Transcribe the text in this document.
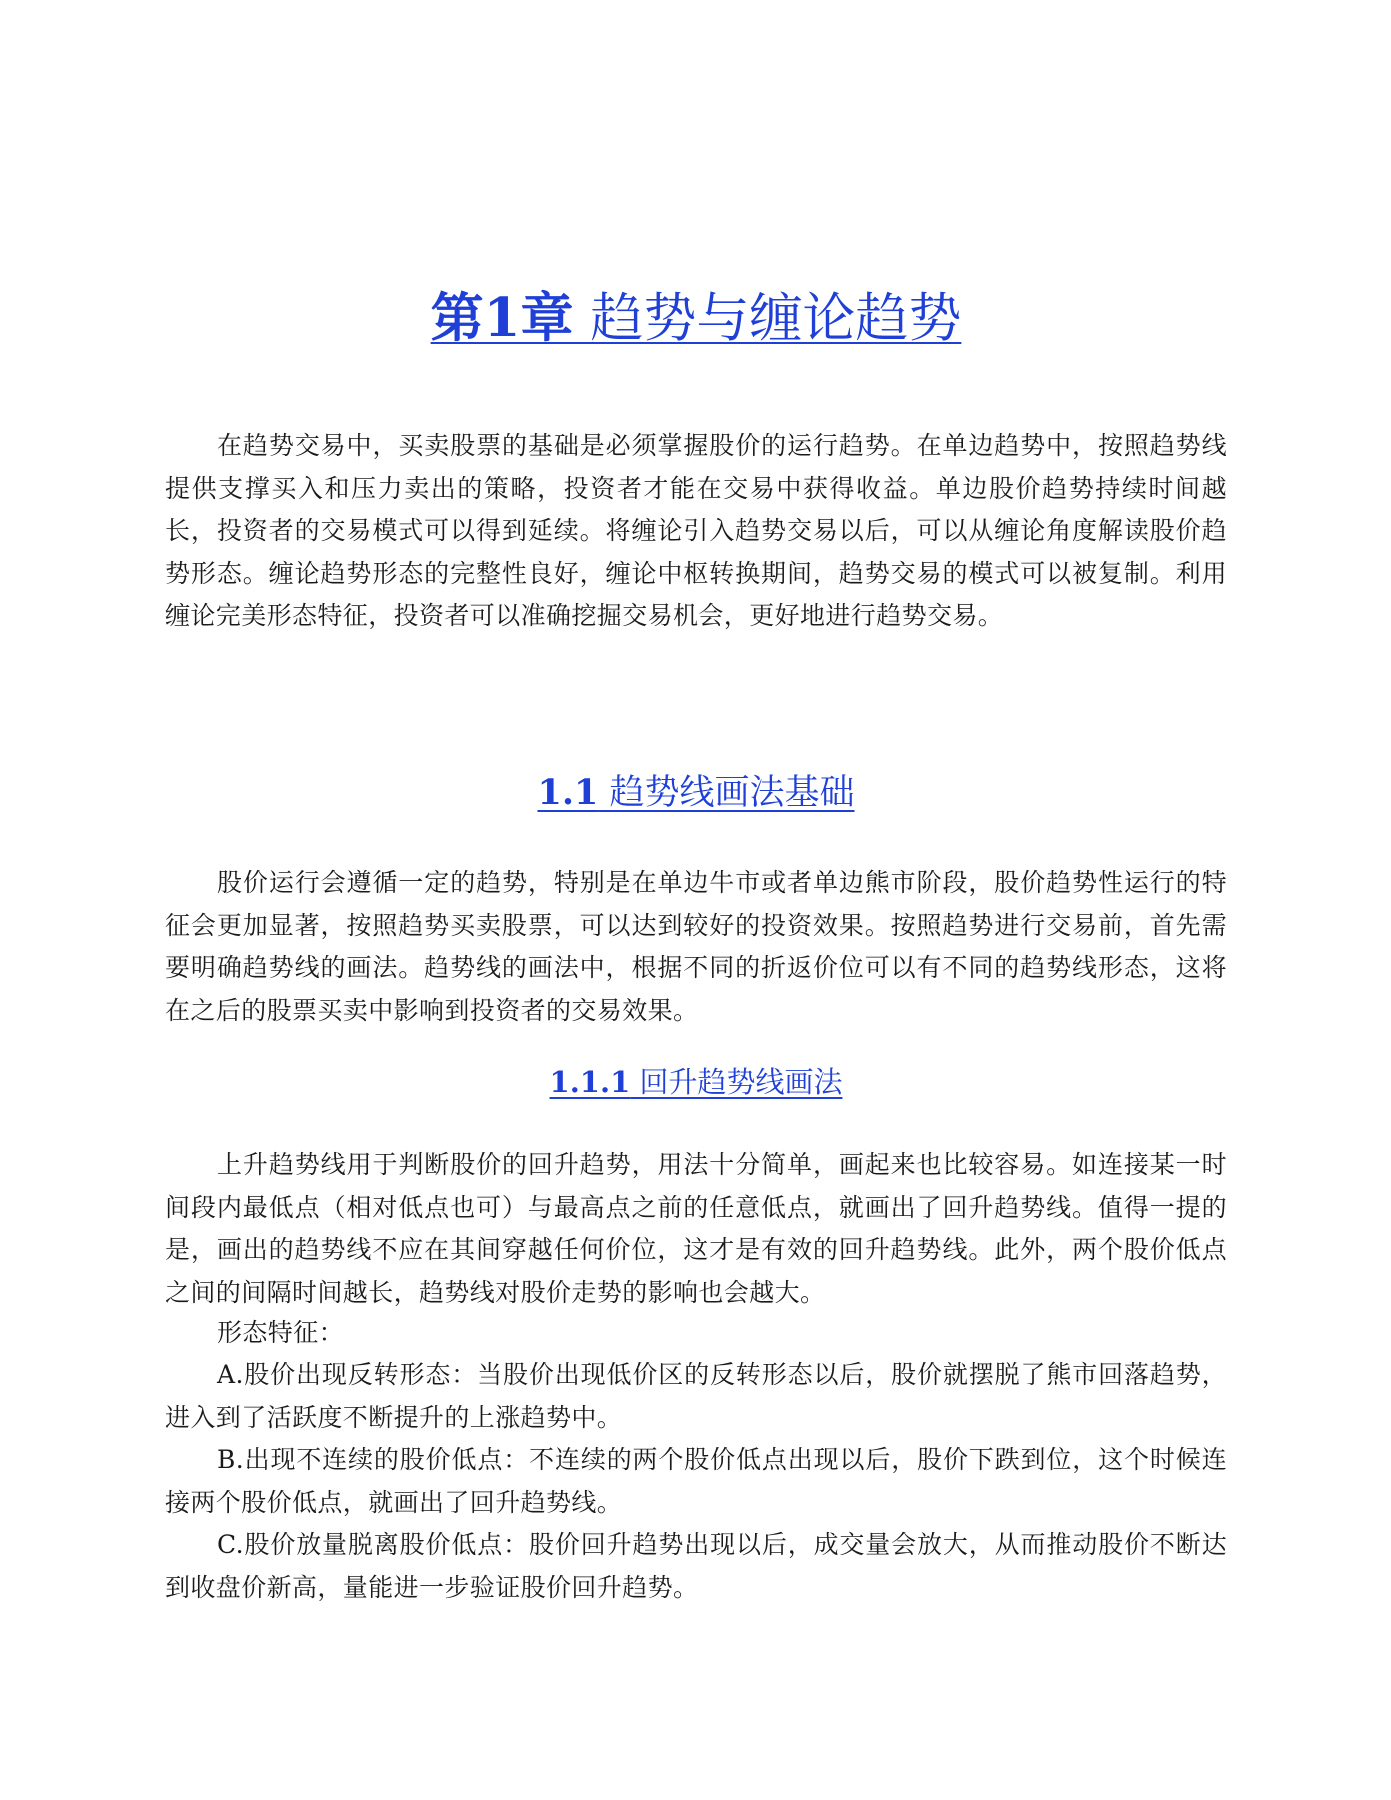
第1章 趋势与缠论趋势

在趋势交易中，买卖股票的基础是必须掌握股价的运行趋势。在单边趋势中，按照趋势线提供支撑买入和压力卖出的策略，投资者才能在交易中获得收益。单边股价趋势持续时间越长，投资者的交易模式可以得到延续。将缠论引入趋势交易以后，可以从缠论角度解读股价趋势形态。缠论趋势形态的完整性良好，缠论中枢转换期间，趋势交易的模式可以被复制。利用缠论完美形态特征，投资者可以准确挖掘交易机会，更好地进行趋势交易。

1.1 趋势线画法基础

股价运行会遵循一定的趋势，特别是在单边牛市或者单边熊市阶段，股价趋势性运行的特征会更加显著，按照趋势买卖股票，可以达到较好的投资效果。按照趋势进行交易前，首先需要明确趋势线的画法。趋势线的画法中，根据不同的折返价位可以有不同的趋势线形态，这将在之后的股票买卖中影响到投资者的交易效果。

1.1.1 回升趋势线画法

上升趋势线用于判断股价的回升趋势，用法十分简单，画起来也比较容易。如连接某一时间段内最低点（相对低点也可）与最高点之前的任意低点，就画出了回升趋势线。值得一提的是，画出的趋势线不应在其间穿越任何价位，这才是有效的回升趋势线。此外，两个股价低点之间的间隔时间越长，趋势线对股价走势的影响也会越大。

形态特征：

A.股价出现反转形态：当股价出现低价区的反转形态以后，股价就摆脱了熊市回落趋势，进入到了活跃度不断提升的上涨趋势中。

B.出现不连续的股价低点：不连续的两个股价低点出现以后，股价下跌到位，这个时候连接两个股价低点，就画出了回升趋势线。

C.股价放量脱离股价低点：股价回升趋势出现以后，成交量会放大，从而推动股价不断达到收盘价新高，量能进一步验证股价回升趋势。
